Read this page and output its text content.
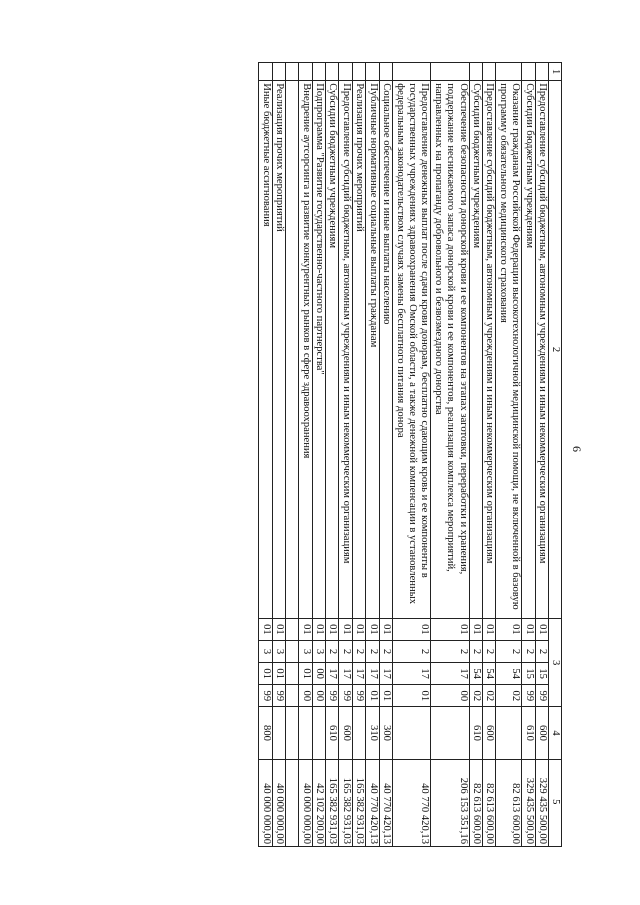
6
1	2	3				4	5
	Предоставление субсидий бюджетным, автономным учреждениям и иным некоммерческим организациям	01	2	15	99	600	329 435 500,00
	Субсидии бюджетным учреждениям	01	2	15	99	610	329 435 500,00
	Оказание гражданам Российской Федерации высокотехнологичной медицинской помощи, не включенной в базовую программу обязательного медицинского страхования	01	2	54	02		82 613 600,00
	Предоставление субсидий бюджетным, автономным учреждениям и иным некоммерческим организациям	01	2	54	02	600	82 613 600,00
	Субсидии бюджетным учреждениям	01	2	54	02	610	82 613 600,00
	Обеспечение безопасности донорской крови и ее компонентов на этапах заготовки, переработки и хранения, поддержание неснижаемого запаса донорской крови и ее компонентов, реализация комплекса мероприятий, направленных на пропаганду добровольного и безвозмездного донорства	01	2	17	00		206 153 351,16
	Предоставление денежных выплат после сдачи крови донорам, бесплатно сдающим кровь и ее компоненты в государственных учреждениях здравоохранения Омской области, а также денежной компенсации в установленных федеральным законодательством случаях замены бесплатного питания донора	01	2	17	01		40 770 420,13
	Социальное обеспечение и иные выплаты населению	01	2	17	01	300	40 770 420,13
	Публичные нормативные социальные выплаты гражданам	01	2	17	01	310	40 770 420,13
	Реализация прочих мероприятий	01	2	17	99		165 382 931,03
	Предоставление субсидий бюджетным, автономным учреждениям и иным некоммерческим организациям	01	2	17	99	600	165 382 931,03
	Субсидии бюджетным учреждениям	01	2	17	99	610	165 382 931,03
	Подпрограмма "Развитие государственно-частного партнерства"	01	3	00	00		42 102 200,00
	Внедрение аутсорсинга и развитие конкурентных рынков в сфере здравоохранения	01	3	01	00		40 000 000,00

	Реализация прочих мероприятий	01	3	01	99		40 000 000,00
	Иные бюджетные ассигнования	01	3	01	99	800	40 000 000,00
